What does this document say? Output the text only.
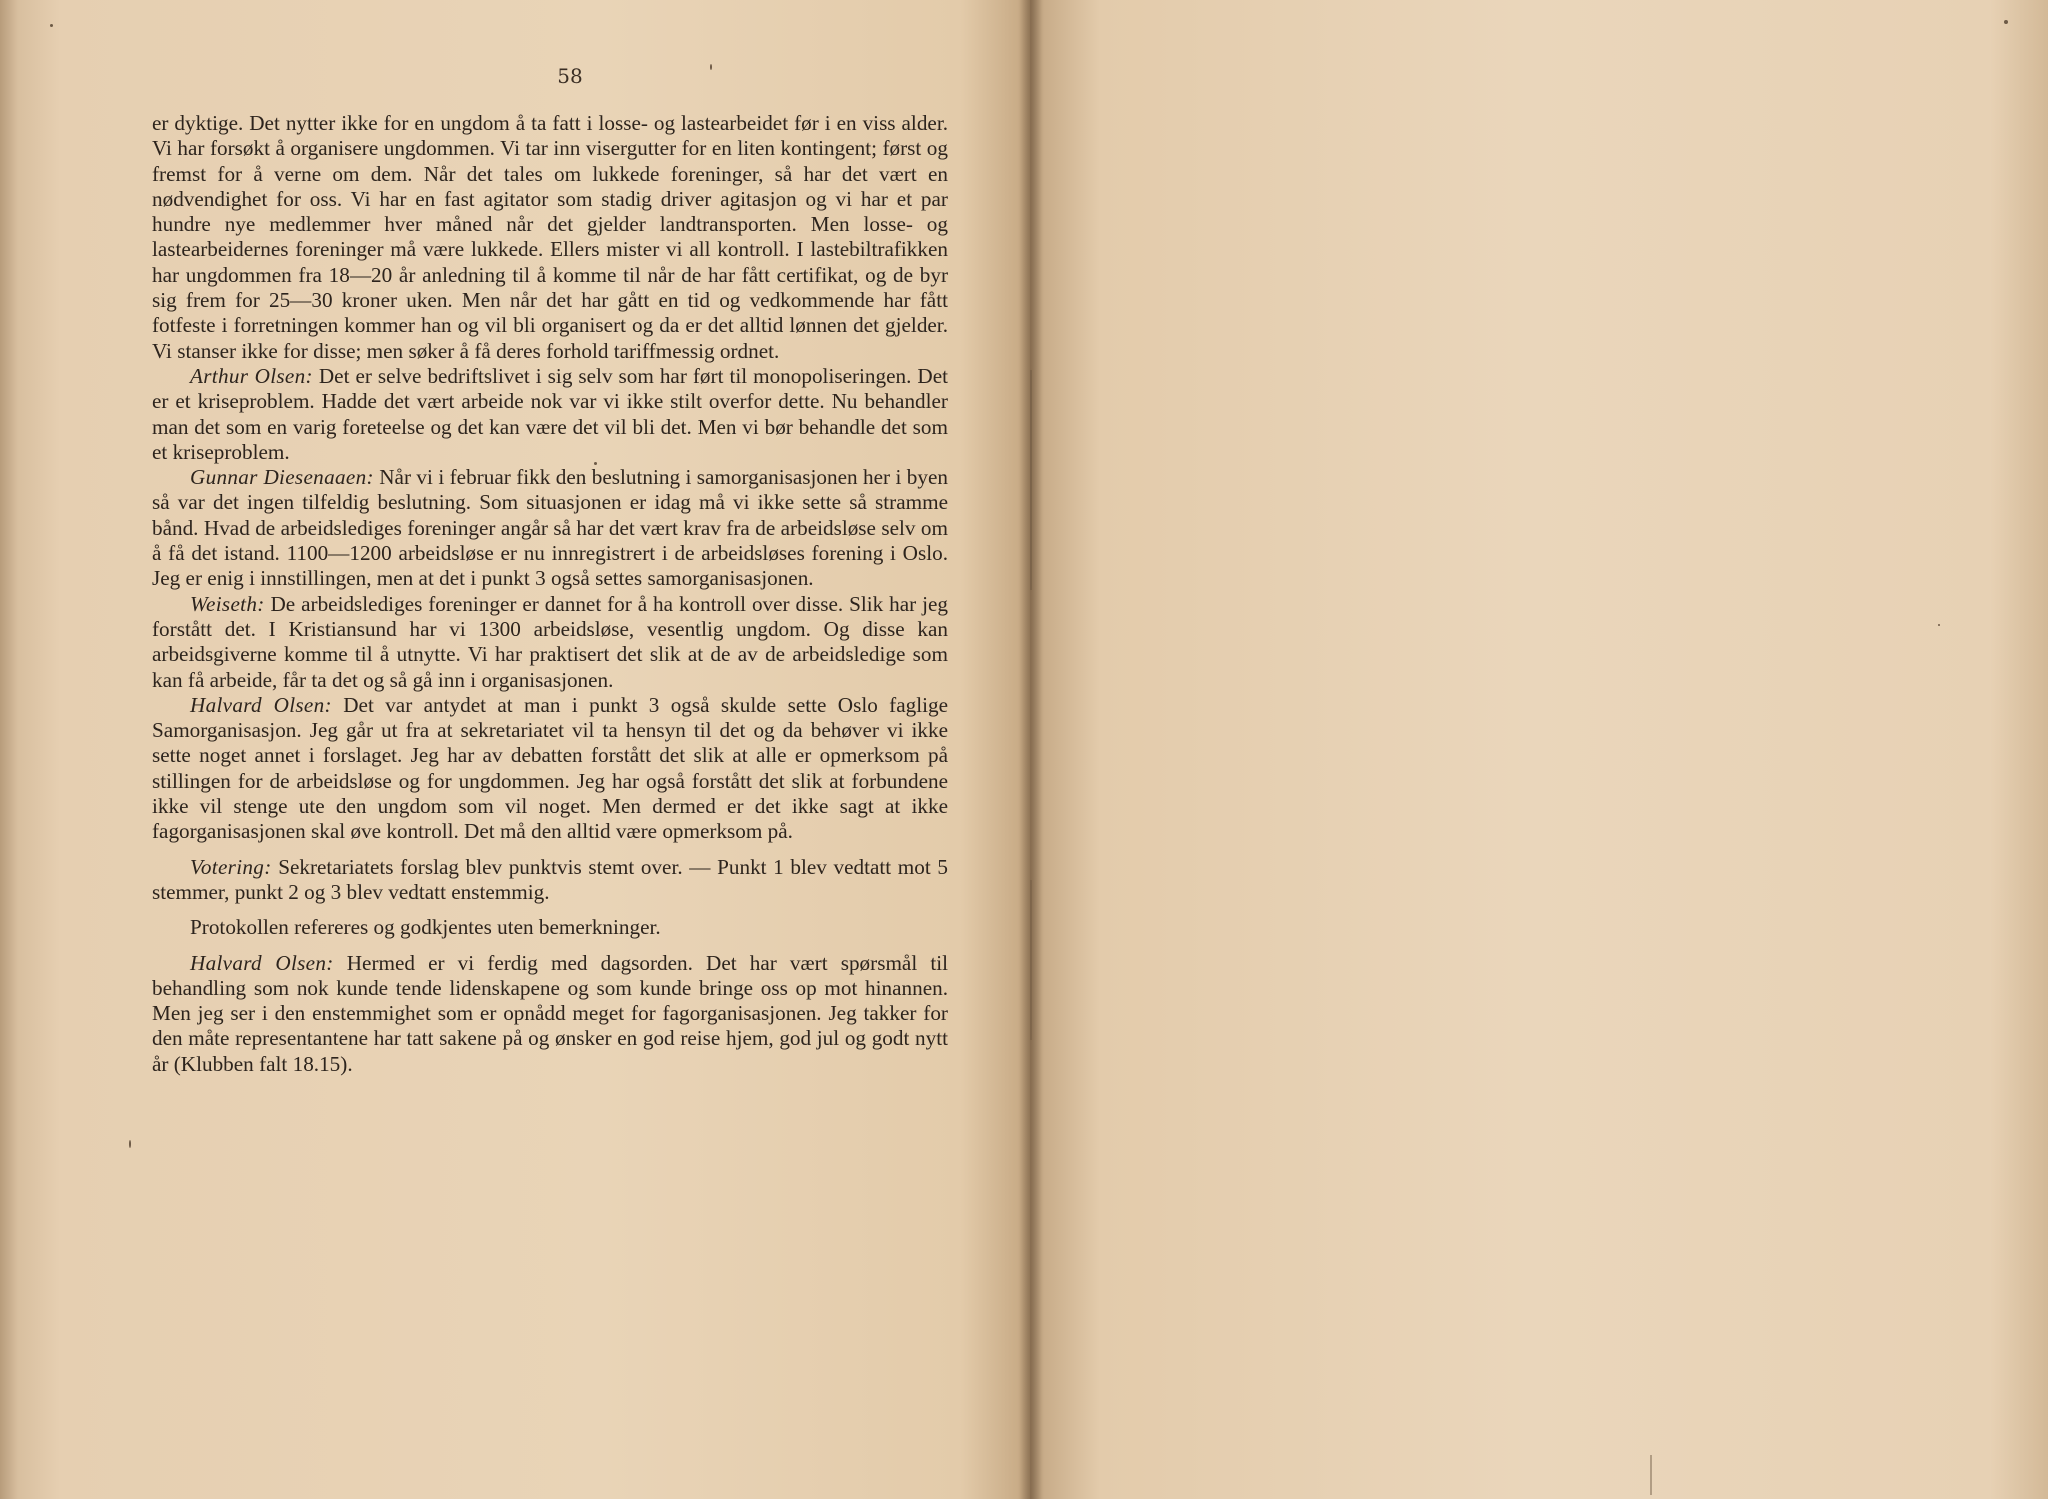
58

er dyktige. Det nytter ikke for en ungdom å ta fatt i losse- og lastearbeidet før i en viss alder. Vi har forsøkt å organisere ungdommen. Vi tar inn visergutter for en liten kontingent; først og fremst for å verne om dem. Når det tales om lukkede foreninger, så har det vært en nødvendighet for oss. Vi har en fast agitator som stadig driver agitasjon og vi har et par hundre nye medlemmer hver måned når det gjelder landtransporten. Men losse- og lastearbeidernes foreninger må være lukkede. Ellers mister vi all kontroll. I lastebiltrafikken har ungdommen fra 18—20 år anledning til å komme til når de har fått certifikat, og de byr sig frem for 25—30 kroner uken. Men når det har gått en tid og vedkommende har fått fotfeste i forretningen kommer han og vil bli organisert og da er det alltid lønnen det gjelder. Vi stanser ikke for disse; men søker å få deres forhold tariffmessig ordnet.

Arthur Olsen: Det er selve bedriftslivet i sig selv som har ført til monopoliseringen. Det er et kriseproblem. Hadde det vært arbeide nok var vi ikke stilt overfor dette. Nu behandler man det som en varig foreteelse og det kan være det vil bli det. Men vi bør behandle det som et kriseproblem.

Gunnar Diesenaaen: Når vi i februar fikk den beslutning i samorganisasjonen her i byen så var det ingen tilfeldig beslutning. Som situasjonen er idag må vi ikke sette så stramme bånd. Hvad de arbeidslediges foreninger angår så har det vært krav fra de arbeidsløse selv om å få det istand. 1100—1200 arbeidsløse er nu innregistrert i de arbeidsløses forening i Oslo. Jeg er enig i innstillingen, men at det i punkt 3 også settes samorganisasjonen.

Weiseth: De arbeidslediges foreninger er dannet for å ha kontroll over disse. Slik har jeg forstått det. I Kristiansund har vi 1300 arbeidsløse, vesentlig ungdom. Og disse kan arbeidsgiverne komme til å utnytte. Vi har praktisert det slik at de av de arbeidsledige som kan få arbeide, får ta det og så gå inn i organisasjonen.

Halvard Olsen: Det var antydet at man i punkt 3 også skulde sette Oslo faglige Samorganisasjon. Jeg går ut fra at sekretariatet vil ta hensyn til det og da behøver vi ikke sette noget annet i forslaget. Jeg har av debatten forstått det slik at alle er opmerksom på stillingen for de arbeidsløse og for ungdommen. Jeg har også forstått det slik at forbundene ikke vil stenge ute den ungdom som vil noget. Men dermed er det ikke sagt at ikke fagorganisasjonen skal øve kontroll. Det må den alltid være opmerksom på.

Votering: Sekretariatets forslag blev punktvis stemt over. — Punkt 1 blev vedtatt mot 5 stemmer, punkt 2 og 3 blev vedtatt enstemmig.

Protokollen refereres og godkjentes uten bemerkninger.

Halvard Olsen: Hermed er vi ferdig med dagsorden. Det har vært spørsmål til behandling som nok kunde tende lidenskapene og som kunde bringe oss op mot hinannen. Men jeg ser i den enstemmighet som er opnådd meget for fagorganisasjonen. Jeg takker for den måte representantene har tatt sakene på og ønsker en god reise hjem, god jul og godt nytt år (Klubben falt 18.15).
